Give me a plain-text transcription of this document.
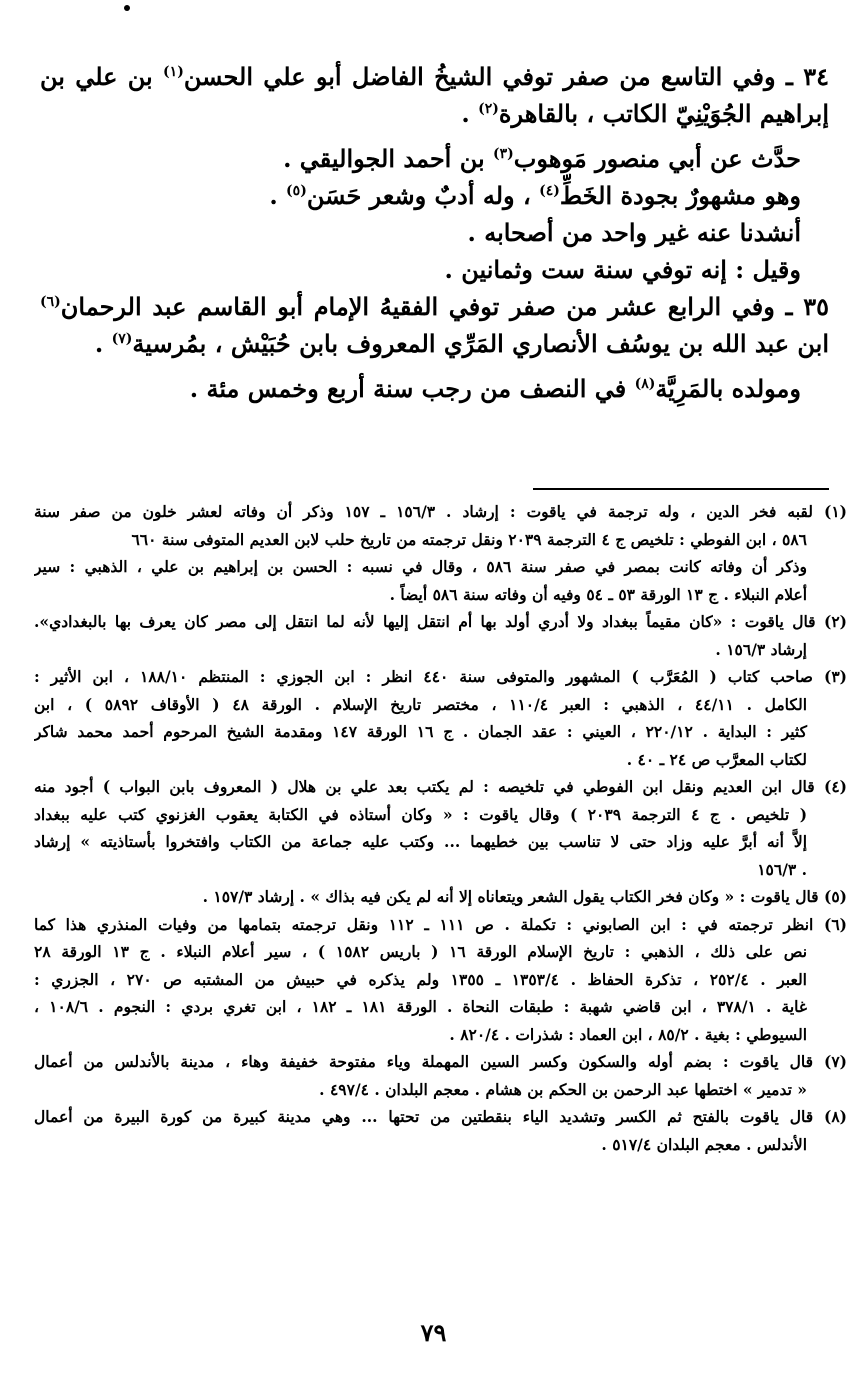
٣٤ ـ وفي التاسع من صفر توفي الشيخُ الفاضل أبو علي الحسن$^{(١)}$ بن علي بن
إبراهيم الجُوَيْنِيّ الكاتب ، بالقاهرة$^{(٢)}$ .
حدَّث عن أبي منصور مَوهوب$^{(٣)}$ بن أحمد الجواليقي .
وهو مشهورٌ بجودة الخَطِّ$^{(٤)}$ ، وله أدبٌ وشعر حَسَن$^{(٥)}$ .
أنشدنا عنه غير واحد من أصحابه .
وقيل : إنه توفي سنة ست وثمانين .
٣٥ ـ وفي الرابع عشر من صفر توفي الفقيهُ الإمام أبو القاسم عبد الرحمان$^{(٦)}$
ابن عبد الله بن يوسُف الأنصاري المَرِّي المعروف بابن حُبَيْش ، بمُرسية$^{(٧)}$ .
ومولده بالمَرِيَّة$^{(٨)}$ في النصف من رجب سنة أربع وخمس مئة .
(١) لقبه فخر الدين ، وله ترجمة في ياقوت : إرشاد . ١٥٦/٣ ـ ١٥٧ وذكر أن وفاته لعشر خلون من صفر سنة
٥٨٦ ، ابن الفوطي : تلخيص ج ٤ الترجمة ٢٠٣٩ ونقل ترجمته من تاريخ حلب لابن العديم المتوفى سنة ٦٦٠
وذكر أن وفاته كانت بمصر في صفر سنة ٥٨٦ ، وقال في نسبه : الحسن بن إبراهيم بن علي ، الذهبي : سير
أعلام النبلاء . ج ١٣ الورقة ٥٣ ـ ٥٤ وفيه أن وفاته سنة ٥٨٦ أيضاً .
(٢) قال ياقوت : «كان مقيماً ببغداد ولا أدري أولد بها أم انتقل إليها لأنه لما انتقل إلى مصر كان يعرف بها بالبغدادي».
إرشاد ١٥٦/٣ .
(٣) صاحب كتاب ( المُعَرَّب ) المشهور والمتوفى سنة ٤٤٠ انظر : ابن الجوزي : المنتظم ١٨٨/١٠ ، ابن الأثير :
الكامل . ٤٤/١١ ، الذهبي : العبر ١١٠/٤ ، مختصر تاريخ الإسلام . الورقة ٤٨ ( الأوقاف ٥٨٩٢ ) ، ابن
كثير : البداية . ٢٢٠/١٢ ، العيني : عقد الجمان . ج ١٦ الورقة ١٤٧ ومقدمة الشيخ المرحوم أحمد محمد شاكر
لكتاب المعرَّب ص ٢٤ ـ ٤٠ .
(٤) قال ابن العديم ونقل ابن الفوطي في تلخيصه : لم يكتب بعد علي بن هلال ( المعروف بابن البواب ) أجود منه
( تلخيص . ج ٤ الترجمة ٢٠٣٩ ) وقال ياقوت : « وكان أستاذه في الكتابة يعقوب الغزنوي كتب عليه ببغداد
إلاَّ أنه أبرَّ عليه وزاد حتى لا تناسب بين خطيهما ... وكتب عليه جماعة من الكتاب وافتخروا بأستاذيته » إرشاد
. ١٥٦/٣
(٥) قال ياقوت : « وكان فخر الكتاب يقول الشعر ويتعاناه إلا أنه لم يكن فيه بذاك » . إرشاد ١٥٧/٣ .
(٦) انظر ترجمته في : ابن الصابوني : تكملة . ص ١١١ ـ ١١٢ ونقل ترجمته بتمامها من وفيات المنذري هذا كما
نص على ذلك ، الذهبي : تاريخ الإسلام الورقة ١٦ ( باريس ١٥٨٢ ) ، سير أعلام النبلاء . ج ١٣ الورقة ٢٨
العبر . ٢٥٢/٤ ، تذكرة الحفاظ . ١٣٥٣/٤ ـ ١٣٥٥ ولم يذكره في حبيش من المشتبه ص ٢٧٠ ، الجزري :
غاية . ٣٧٨/١ ، ابن قاضي شهبة : طبقات النحاة . الورقة ١٨١ ـ ١٨٢ ، ابن تغري بردي : النجوم . ١٠٨/٦ ،
السيوطي : بغية . ٨٥/٢ ، ابن العماد : شذرات . ٨٢٠/٤ .
(٧) قال ياقوت : بضم أوله والسكون وكسر السين المهملة وياء مفتوحة خفيفة وهاء ، مدينة بالأندلس من أعمال
« تدمير » اختطها عبد الرحمن بن الحكم بن هشام . معجم البلدان . ٤٩٧/٤ .
(٨) قال ياقوت بالفتح ثم الكسر وتشديد الياء بنقطتين من تحتها ... وهي مدينة كبيرة من كورة البيرة من أعمال
الأندلس . معجم البلدان ٥١٧/٤ .
٧٩
